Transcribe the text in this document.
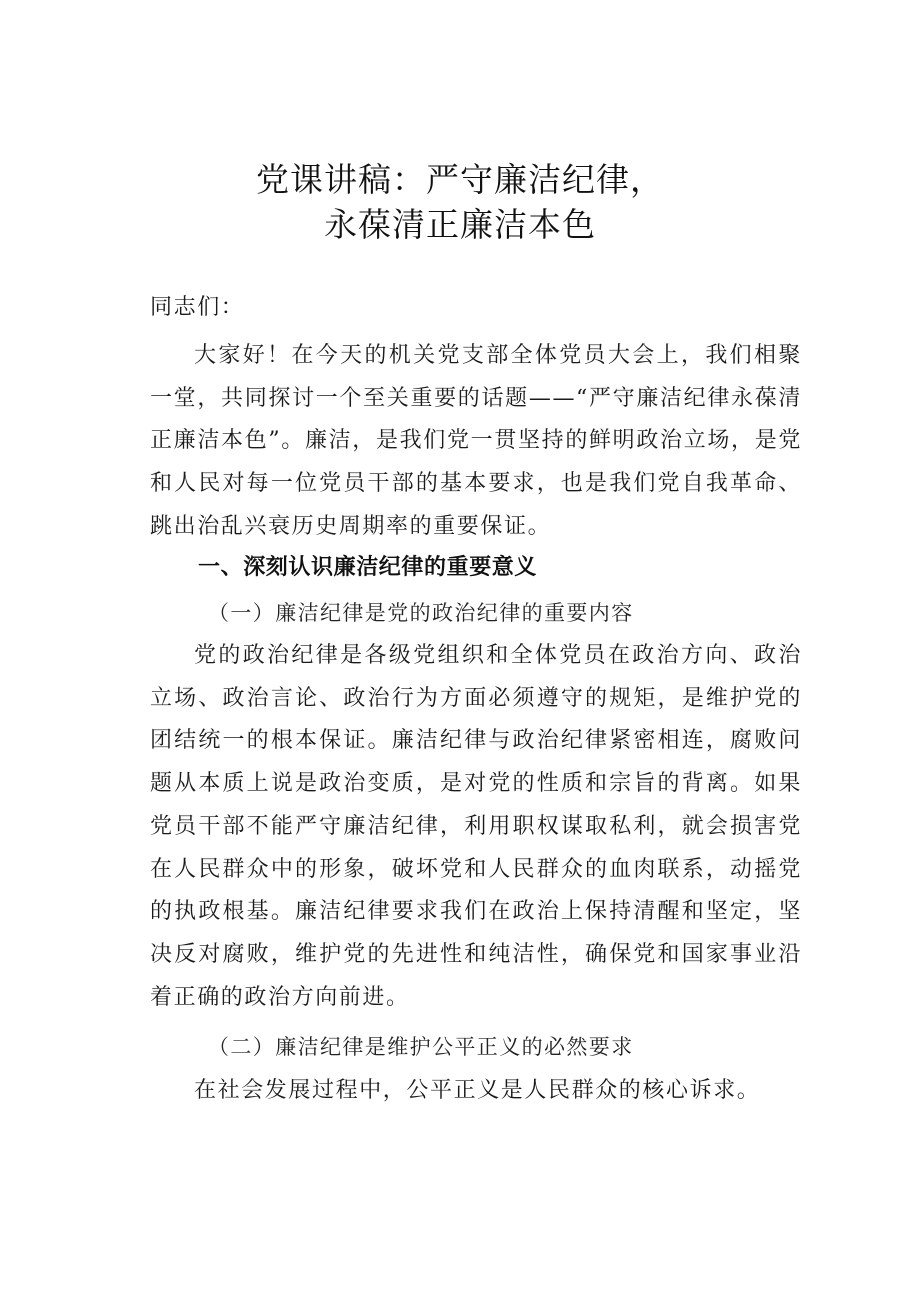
党课讲稿：严守廉洁纪律，
永葆清正廉洁本色
同志们：
大家好！在今天的机关党支部全体党员大会上，我们相聚一堂，共同探讨一个至关重要的话题——“严守廉洁纪律永葆清正廉洁本色”。廉洁，是我们党一贯坚持的鲜明政治立场，是党和人民对每一位党员干部的基本要求，也是我们党自我革命、跳出治乱兴衰历史周期率的重要保证。
一、深刻认识廉洁纪律的重要意义
（一）廉洁纪律是党的政治纪律的重要内容
党的政治纪律是各级党组织和全体党员在政治方向、政治立场、政治言论、政治行为方面必须遵守的规矩，是维护党的团结统一的根本保证。廉洁纪律与政治纪律紧密相连，腐败问题从本质上说是政治变质，是对党的性质和宗旨的背离。如果党员干部不能严守廉洁纪律，利用职权谋取私利，就会损害党在人民群众中的形象，破坏党和人民群众的血肉联系，动摇党的执政根基。廉洁纪律要求我们在政治上保持清醒和坚定，坚决反对腐败，维护党的先进性和纯洁性，确保党和国家事业沿着正确的政治方向前进。
（二）廉洁纪律是维护公平正义的必然要求
在社会发展过程中，公平正义是人民群众的核心诉求。
